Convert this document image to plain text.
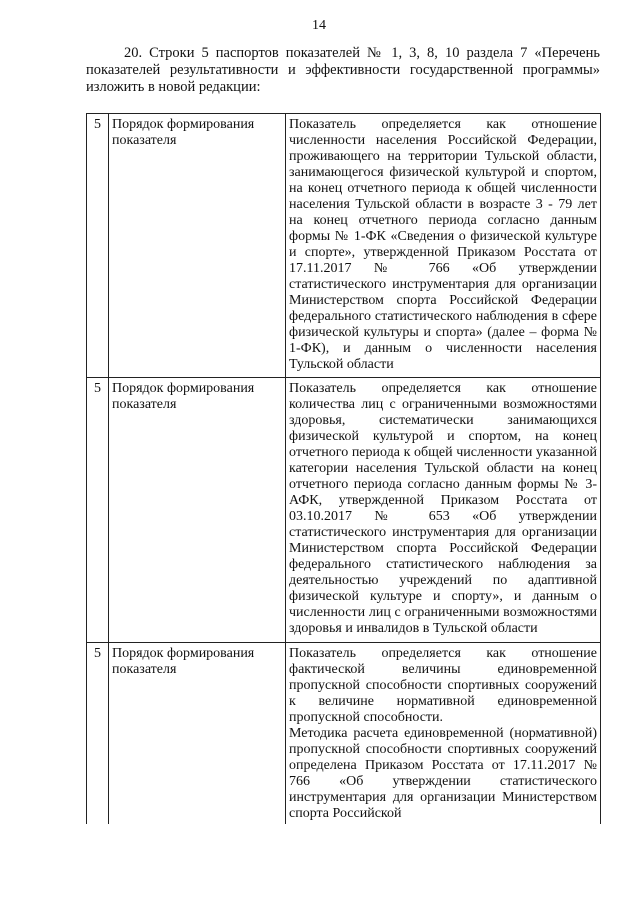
14

20. Строки 5 паспортов показателей № 1, 3, 8, 10 раздела 7 «Перечень показателей результативности и эффективности государственной программы» изложить в новой редакции:

5	Порядок формирования показателя	Показатель определяется как отношение численности населения Российской Федерации, проживающего на территории Тульской области, занимающегося физической культурой и спортом, на конец отчетного периода к общей численности населения Тульской области в возрасте 3 - 79 лет на конец отчетного периода согласно данным формы № 1-ФК «Сведения о физической культуре и спорте», утвержденной Приказом Росстата от 17.11.2017 № 766 «Об утверждении статистического инструментария для организации Министерством спорта Российской Федерации федерального статистического наблюдения в сфере физической культуры и спорта» (далее – форма № 1-ФК), и данным о численности населения Тульской области
5	Порядок формирования показателя	Показатель определяется как отношение количества лиц с ограниченными возможностями здоровья, систематически занимающихся физической культурой и спортом, на конец отчетного периода к общей численности указанной категории населения Тульской области на конец отчетного периода согласно данным формы № 3-АФК, утвержденной Приказом Росстата от 03.10.2017 № 653 «Об утверждении статистического инструментария для организации Министерством спорта Российской Федерации федерального статистического наблюдения за деятельностью учреждений по адаптивной физической культуре и спорту», и данным о численности лиц с ограниченными возможностями здоровья и инвалидов в Тульской области
5	Порядок формирования показателя	Показатель определяется как отношение фактической величины единовременной пропускной способности спортивных сооружений к величине нормативной единовременной пропускной способности.
Методика расчета единовременной (нормативной) пропускной способности спортивных сооружений определена Приказом Росстата от 17.11.2017 № 766 «Об утверждении статистического инструментария для организации Министерством спорта Российской
